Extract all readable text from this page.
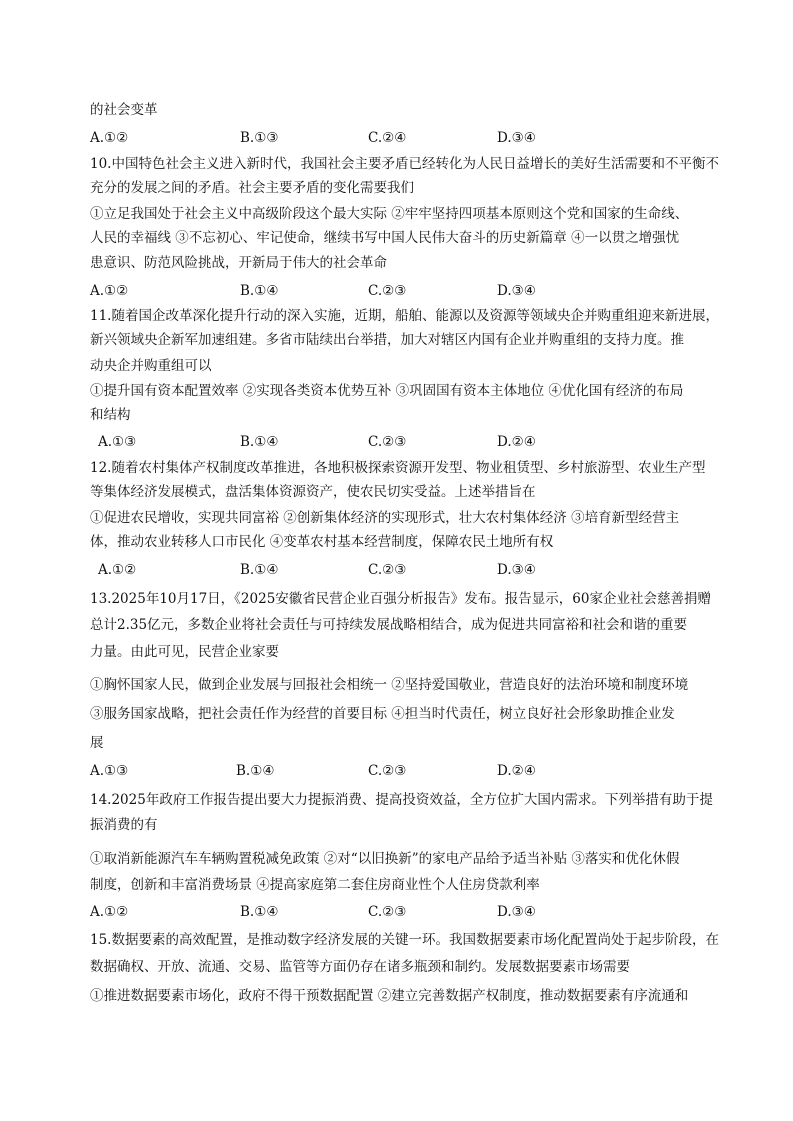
的社会变革
A.①②	B.①③	C.②④	D.③④
10.中国特色社会主义进入新时代，我国社会主要矛盾已经转化为人民日益增长的美好生活需要和不平衡不
充分的发展之间的矛盾。社会主要矛盾的变化需要我们
①立足我国处于社会主义中高级阶段这个最大实际 ②牢牢坚持四项基本原则这个党和国家的生命线、
人民的幸福线 ③不忘初心、牢记使命，继续书写中国人民伟大奋斗的历史新篇章 ④一以贯之增强忧
患意识、防范风险挑战，开新局于伟大的社会革命
A.①②	B.①④	C.②③	D.③④
11.随着国企改革深化提升行动的深入实施，近期，船舶、能源以及资源等领域央企并购重组迎来新进展，
新兴领域央企新军加速组建。多省市陆续出台举措，加大对辖区内国有企业并购重组的支持力度。推
动央企并购重组可以
①提升国有资本配置效率 ②实现各类资本优势互补 ③巩固国有资本主体地位 ④优化国有经济的布局
和结构
A.①③	B.①④	C.②③	D.②④
12.随着农村集体产权制度改革推进，各地积极探索资源开发型、物业租赁型、乡村旅游型、农业生产型
等集体经济发展模式，盘活集体资源资产，使农民切实受益。上述举措旨在
①促进农民增收，实现共同富裕 ②创新集体经济的实现形式，壮大农村集体经济 ③培育新型经营主
体，推动农业转移人口市民化 ④变革农村基本经营制度，保障农民土地所有权
A.①②	B.①④	C.②③	D.③④
13.2025年10月17日，《2025安徽省民营企业百强分析报告》发布。报告显示，60家企业社会慈善捐赠
总计2.35亿元，多数企业将社会责任与可持续发展战略相结合，成为促进共同富裕和社会和谐的重要
力量。由此可见，民营企业家要
①胸怀国家人民，做到企业发展与回报社会相统一 ②坚持爱国敬业，营造良好的法治环境和制度环境
③服务国家战略，把社会责任作为经营的首要目标 ④担当时代责任，树立良好社会形象助推企业发
展
A.①③	B.①④	C.②③	D.②④
14.2025年政府工作报告提出要大力提振消费、提高投资效益，全方位扩大国内需求。下列举措有助于提
振消费的有
①取消新能源汽车车辆购置税减免政策 ②对“以旧换新”的家电产品给予适当补贴 ③落实和优化休假
制度，创新和丰富消费场景 ④提高家庭第二套住房商业性个人住房贷款利率
A.①②	B.①④	C.②③	D.③④
15.数据要素的高效配置，是推动数字经济发展的关键一环。我国数据要素市场化配置尚处于起步阶段，在
数据确权、开放、流通、交易、监管等方面仍存在诸多瓶颈和制约。发展数据要素市场需要
①推进数据要素市场化，政府不得干预数据配置 ②建立完善数据产权制度，推动数据要素有序流通和
